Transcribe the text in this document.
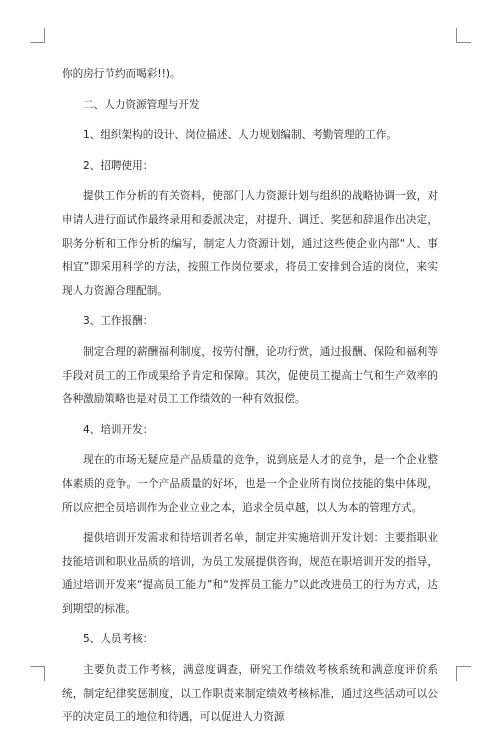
你的房行节约而喝彩!!)。

二、人力资源管理与开发

1、组织架构的设计、岗位描述、人力规划编制、考勤管理的工作。

2、招聘使用：

提供工作分析的有关资料，使部门人力资源计划与组织的战略协调一致，对申请人进行面试作最终录用和委派决定，对提升、调迁、奖惩和辞退作出决定，职务分析和工作分析的编写，制定人力资源计划，通过这些使企业内部“人、事相宜”即采用科学的方法，按照工作岗位要求，将员工安排到合适的岗位，来实现人力资源合理配制。

3、工作报酬：

制定合理的薪酬福利制度，按劳付酬，论功行赏，通过报酬、保险和福利等手段对员工的工作成果给予肯定和保障。其次，促使员工提高士气和生产效率的各种激励策略也是对员工工作绩效的一种有效报偿。

4、培训开发：

现在的市场无疑应是产品质量的竞争，说到底是人才的竞争，是一个企业整体素质的竞争。一个产品质量的好坏，也是一个企业所有岗位技能的集中体现，所以应把全员培训作为企业立业之本，追求全员卓越，以人为本的管理方式。

提供培训开发需求和待培训者名单，制定并实施培训开发计划：主要指职业技能培训和职业品质的培训，为员工发展提供咨询，规范在职培训开发的指导，通过培训开发来“提高员工能力”和“发挥员工能力”以此改进员工的行为方式，达到期望的标准。

5、人员考核：

主要负责工作考核，满意度调查，研究工作绩效考核系统和满意度评价系统，制定纪律奖惩制度，以工作职责来制定绩效考核标准，通过这些活动可以公平的决定员工的地位和待遇，可以促进人力资源
